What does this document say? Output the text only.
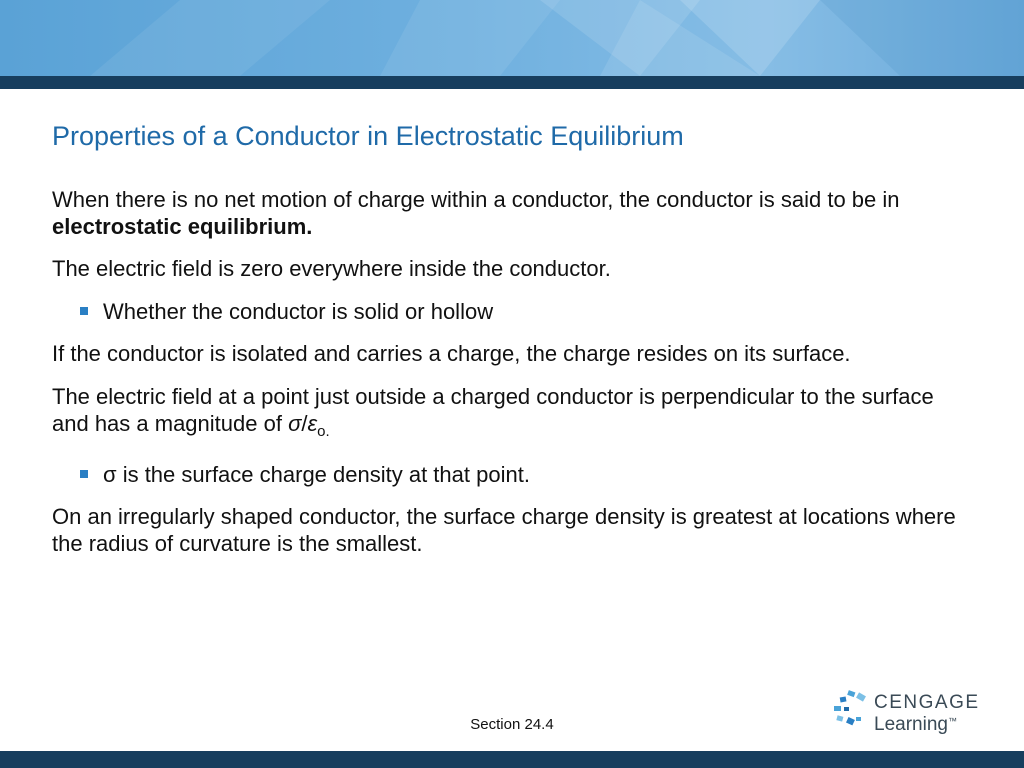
Properties of a Conductor in Electrostatic Equilibrium

When there is no net motion of charge within a conductor, the conductor is said to be in electrostatic equilibrium.

The electric field is zero everywhere inside the conductor.

Whether the conductor is solid or hollow

If the conductor is isolated and carries a charge, the charge resides on its surface.

The electric field at a point just outside a charged conductor is perpendicular to the surface and has a magnitude of $\sigma/\varepsilon_{o.}$

σ is the surface charge density at that point.

On an irregularly shaped conductor, the surface charge density is greatest at locations where the radius of curvature is the smallest.

Section 24.4
CENGAGE
Learning™
